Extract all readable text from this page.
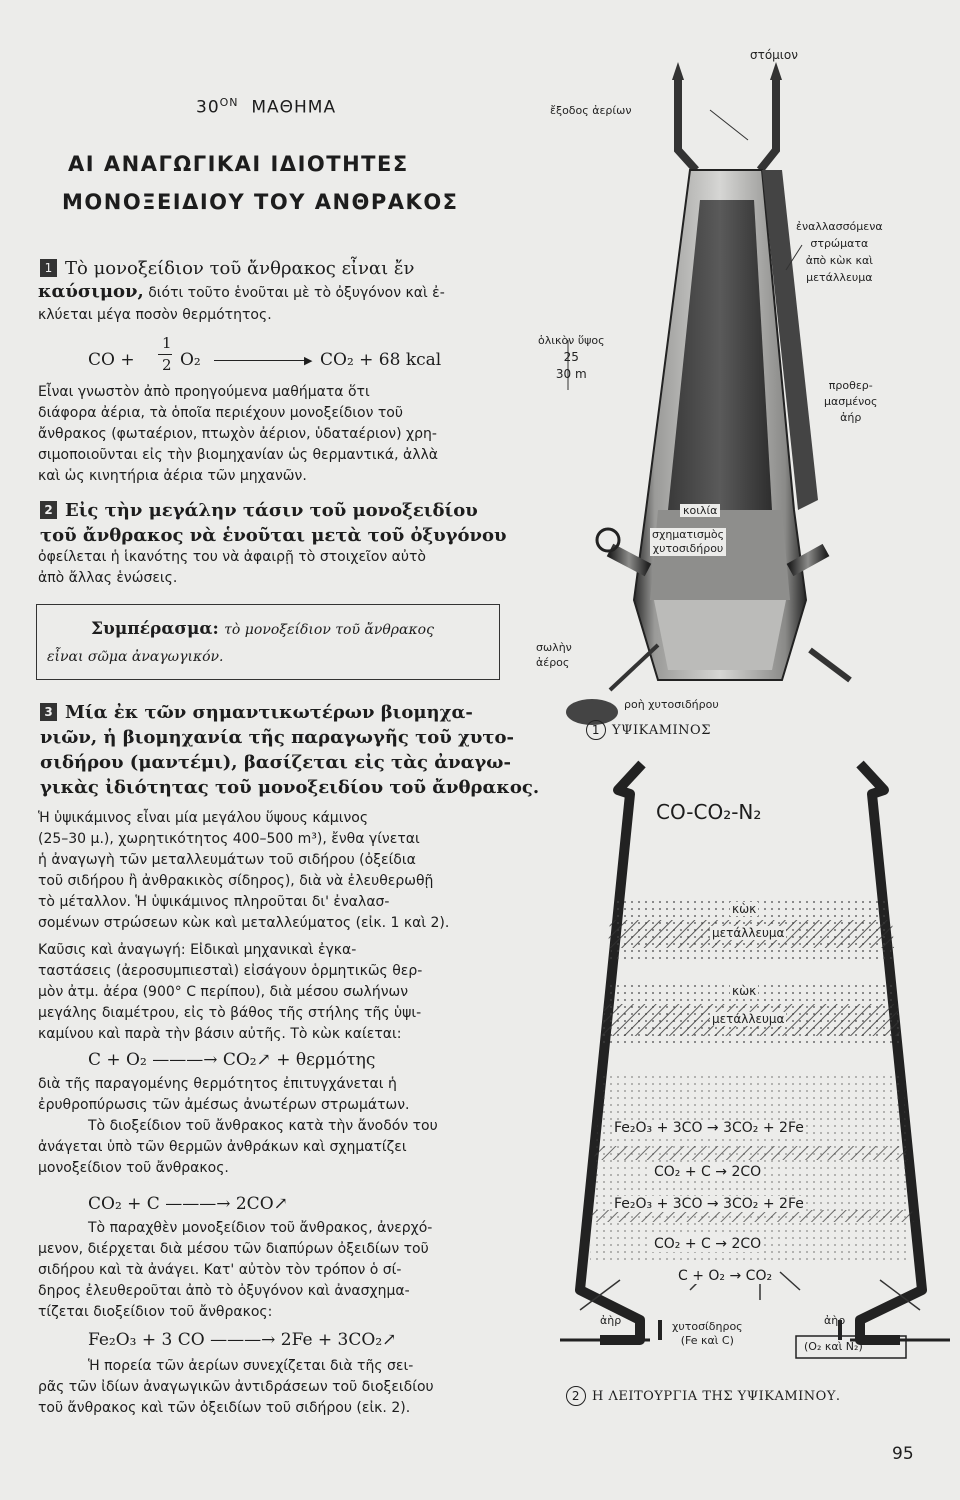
$30^{ON}$ ΜΑΘΗΜΑ
ΑΙ ΑΝΑΓΩΓΙΚΑΙ ΙΔΙΟΤΗΤΕΣ
ΜΟΝΟΞΕΙΔΙΟΥ ΤΟΥ ΑΝΘΡΑΚΟΣ
1 Τὸ μονοξείδιον τοῦ ἄνθρακος εἶναι ἔν
καύσιμον, διότι τοῦτο ἑνοῦται μὲ τὸ ὀξυγόνον καὶ ἐ-
κλύεται μέγα ποσὸν θερμότητος.
CO +
1
2 O₂	▶ CO₂ + 68 kcal
Εἶναι γνωστὸν ἀπὸ προηγούμενα μαθήματα ὅτι
διάφορα ἀέρια, τὰ ὁποῖα περιέχουν μονοξείδιον τοῦ
ἄνθρακος (φωταέριον, πτωχὸν ἀέριον, ὑδαταέριον) χρη-
σιμοποιοῦνται εἰς τὴν βιομηχανίαν ὡς θερμαντικά, ἀλλὰ
καὶ ὡς κινητήρια ἀέρια τῶν μηχανῶν.
2 Εἰς τὴν μεγάλην τάσιν τοῦ μονοξειδίου
τοῦ ἄνθρακος νὰ ἑνοῦται μετὰ τοῦ ὀξυγόνου
ὀφείλεται ἡ ἱκανότης του νὰ ἀφαιρῇ τὸ στοιχεῖον αὐτὸ
ἀπὸ ἄλλας ἑνώσεις.
Συμπέρασμα: τὸ μονοξείδιον τοῦ ἄνθρακος
εἶναι σῶμα ἀναγωγικόν.
3 Μία ἐκ τῶν σημαντικωτέρων βιομηχα-
νιῶν, ἡ βιομηχανία τῆς παραγωγῆς τοῦ χυτο-
σιδήρου (μαντέμι), βασίζεται εἰς τὰς ἀναγω-
γικὰς ἰδιότητας τοῦ μονοξειδίου τοῦ ἄνθρακος.
Ἡ ὑψικάμινος εἶναι μία μεγάλου ὕψους κάμινος
(25–30 μ.), χωρητικότητος 400–500 m³), ἔνθα γίνεται
ἡ ἀναγωγὴ τῶν μεταλλευμάτων τοῦ σιδήρου (ὀξείδια
τοῦ σιδήρου ἢ ἀνθρακικὸς σίδηρος), διὰ νὰ ἐλευθερωθῇ
τὸ μέταλλον. Ἡ ὑψικάμινος πληροῦται δι' ἐναλασ-
σομένων στρώσεων κὼκ καὶ μεταλλεύματος (εἰκ. 1 καὶ 2).
Καῦσις καὶ ἀναγωγή: Εἰδικαὶ μηχανικαὶ ἐγκα-
ταστάσεις (ἀεροσυμπιεσταὶ) εἰσάγουν ὁρμητικῶς θερ-
μὸν ἀτμ. ἀέρα (900° C περίπου), διὰ μέσου σωλήνων
μεγάλης διαμέτρου, εἰς τὸ βάθος τῆς στήλης τῆς ὑψι-
καμίνου καὶ παρὰ τὴν βάσιν αὐτῆς. Τὸ κὼκ καίεται:
C + O₂ ———→ CO₂↗ + θερμότης
διὰ τῆς παραγομένης θερμότητος ἐπιτυγχάνεται ἡ
ἐρυθροπύρωσις τῶν ἀμέσως ἀνωτέρων στρωμάτων.
Τὸ διοξείδιον τοῦ ἄνθρακος κατὰ τὴν ἄνοδόν του
ἀνάγεται ὑπὸ τῶν θερμῶν ἀνθράκων καὶ σχηματίζει
μονοξείδιον τοῦ ἄνθρακος.
CO₂ + C ———→ 2CO↗
Τὸ παραχθὲν μονοξείδιον τοῦ ἄνθρακος, ἀνερχό-
μενον, διέρχεται διὰ μέσου τῶν διαπύρων ὀξειδίων τοῦ
σιδήρου καὶ τὰ ἀνάγει. Κατ' αὐτὸν τὸν τρόπον ὁ σί-
δηρος ἐλευθεροῦται ἀπὸ τὸ ὀξυγόνον καὶ ἀνασχημα-
τίζεται διοξείδιον τοῦ ἄνθρακος:
Fe₂O₃ + 3 CO ———→ 2Fe + 3CO₂↗
Ἡ πορεία τῶν ἀερίων συνεχίζεται διὰ τῆς σει-
ρᾶς τῶν ἰδίων ἀναγωγικῶν ἀντιδράσεων τοῦ διοξειδίου
τοῦ ἄνθρακος καὶ τῶν ὀξειδίων τοῦ σιδήρου (εἰκ. 2).
στόμιον
ἔξοδος ἀερίων
ἐναλλασσόμενα
στρώματα
ἀπὸ κὼκ καὶ
μετάλλευμα
ὁλικὸν ὕψος
25
30 m
προθερ-
μασμένος
ἀήρ
κοιλία
σχηματισμὸς
χυτοσιδήρου
σωλὴν
ἀέρος
ροὴ χυτοσιδήρου
1 ΥΨΙΚΑΜΙΝΟΣ
CO-CO₂-N₂
κὼκ
μετάλλευμα
κὼκ
μετάλλευμα
Fe₂O₃ + 3CO → 3CO₂ + 2Fe
CO₂ + C → 2CO
Fe₂O₃ + 3CO → 3CO₂ + 2Fe
CO₂ + C → 2CO
C + O₂ → CO₂
ἀὴρ	ἀὴρ
χυτοσίδηρος
(Fe καὶ C)	(O₂ καὶ N₂)
2 Η ΛΕΙΤΟΥΡΓΙΑ ΤΗΣ ΥΨΙΚΑΜΙΝΟΥ.
95
